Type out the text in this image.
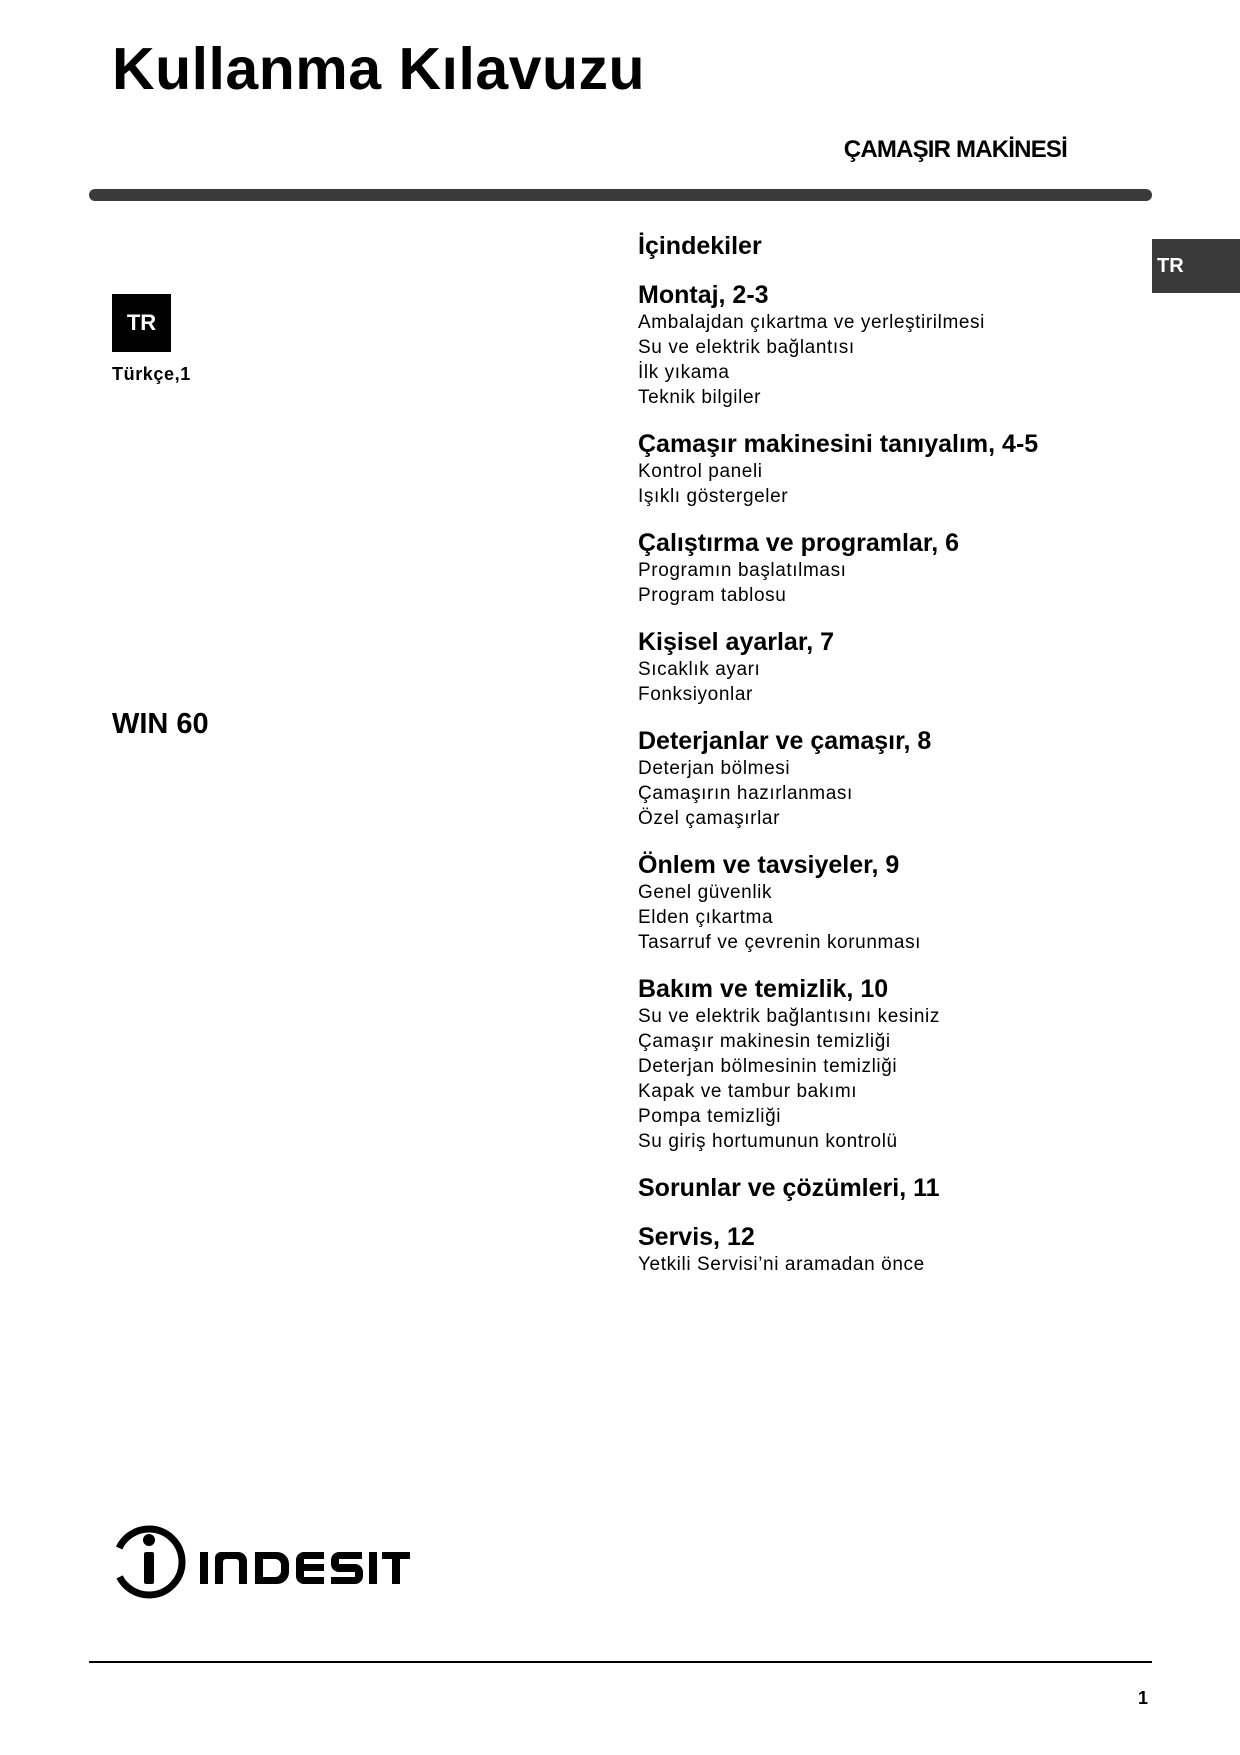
Kullanma Kılavuzu
ÇAMAŞIR MAKİNESİ
TR
TR
Türkçe,1
WIN 60
İçindekiler
Montaj, 2-3
Ambalajdan çıkartma ve yerleştirilmesi
Su ve elektrik bağlantısı
İlk yıkama
Teknik bilgiler
Çamaşır makinesini tanıyalım, 4-5
Kontrol paneli
Işıklı göstergeler
Çalıştırma ve programlar, 6
Programın başlatılması
Program tablosu
Kişisel ayarlar, 7
Sıcaklık ayarı
Fonksiyonlar
Deterjanlar ve çamaşır, 8
Deterjan bölmesi
Çamaşırın hazırlanması
Özel çamaşırlar
Önlem ve tavsiyeler, 9
Genel güvenlik
Elden çıkartma
Tasarruf ve çevrenin korunması
Bakım ve temizlik, 10
Su ve elektrik bağlantısını kesiniz
Çamaşır makinesin temizliği
Deterjan bölmesinin temizliği
Kapak ve tambur bakımı
Pompa temizliği
Su giriş hortumunun kontrolü
Sorunlar ve çözümleri, 11
Servis, 12
Yetkili Servisi’ni aramadan önce
1
